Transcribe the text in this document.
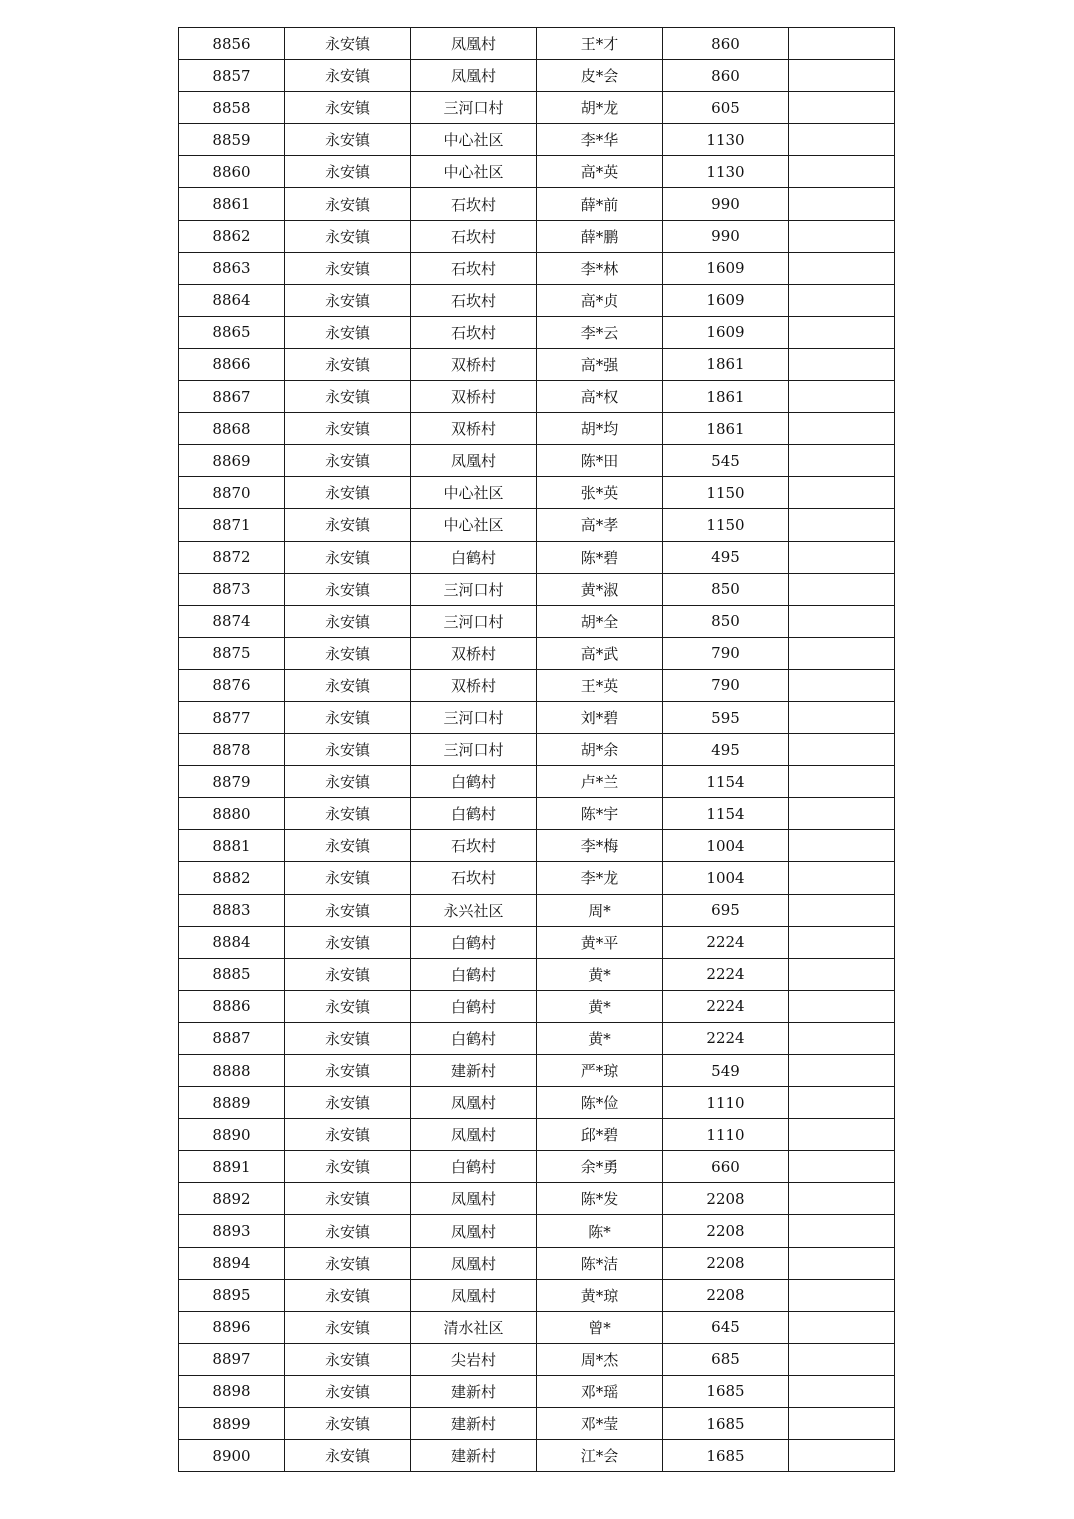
8856	永安镇	凤凰村	王*才	860	
8857	永安镇	凤凰村	皮*会	860	
8858	永安镇	三河口村	胡*龙	605	
8859	永安镇	中心社区	李*华	1130	
8860	永安镇	中心社区	高*英	1130	
8861	永安镇	石坎村	薛*前	990	
8862	永安镇	石坎村	薛*鹏	990	
8863	永安镇	石坎村	李*林	1609	
8864	永安镇	石坎村	高*贞	1609	
8865	永安镇	石坎村	李*云	1609	
8866	永安镇	双桥村	高*强	1861	
8867	永安镇	双桥村	高*权	1861	
8868	永安镇	双桥村	胡*均	1861	
8869	永安镇	凤凰村	陈*田	545	
8870	永安镇	中心社区	张*英	1150	
8871	永安镇	中心社区	高*孝	1150	
8872	永安镇	白鹤村	陈*碧	495	
8873	永安镇	三河口村	黄*淑	850	
8874	永安镇	三河口村	胡*全	850	
8875	永安镇	双桥村	高*武	790	
8876	永安镇	双桥村	王*英	790	
8877	永安镇	三河口村	刘*碧	595	
8878	永安镇	三河口村	胡*余	495	
8879	永安镇	白鹤村	卢*兰	1154	
8880	永安镇	白鹤村	陈*宇	1154	
8881	永安镇	石坎村	李*梅	1004	
8882	永安镇	石坎村	李*龙	1004	
8883	永安镇	永兴社区	周*	695	
8884	永安镇	白鹤村	黄*平	2224	
8885	永安镇	白鹤村	黄*	2224	
8886	永安镇	白鹤村	黄*	2224	
8887	永安镇	白鹤村	黄*	2224	
8888	永安镇	建新村	严*琼	549	
8889	永安镇	凤凰村	陈*俭	1110	
8890	永安镇	凤凰村	邱*碧	1110	
8891	永安镇	白鹤村	余*勇	660	
8892	永安镇	凤凰村	陈*发	2208	
8893	永安镇	凤凰村	陈*	2208	
8894	永安镇	凤凰村	陈*洁	2208	
8895	永安镇	凤凰村	黄*琼	2208	
8896	永安镇	清水社区	曾*	645	
8897	永安镇	尖岩村	周*杰	685	
8898	永安镇	建新村	邓*瑶	1685	
8899	永安镇	建新村	邓*莹	1685	
8900	永安镇	建新村	江*会	1685	
